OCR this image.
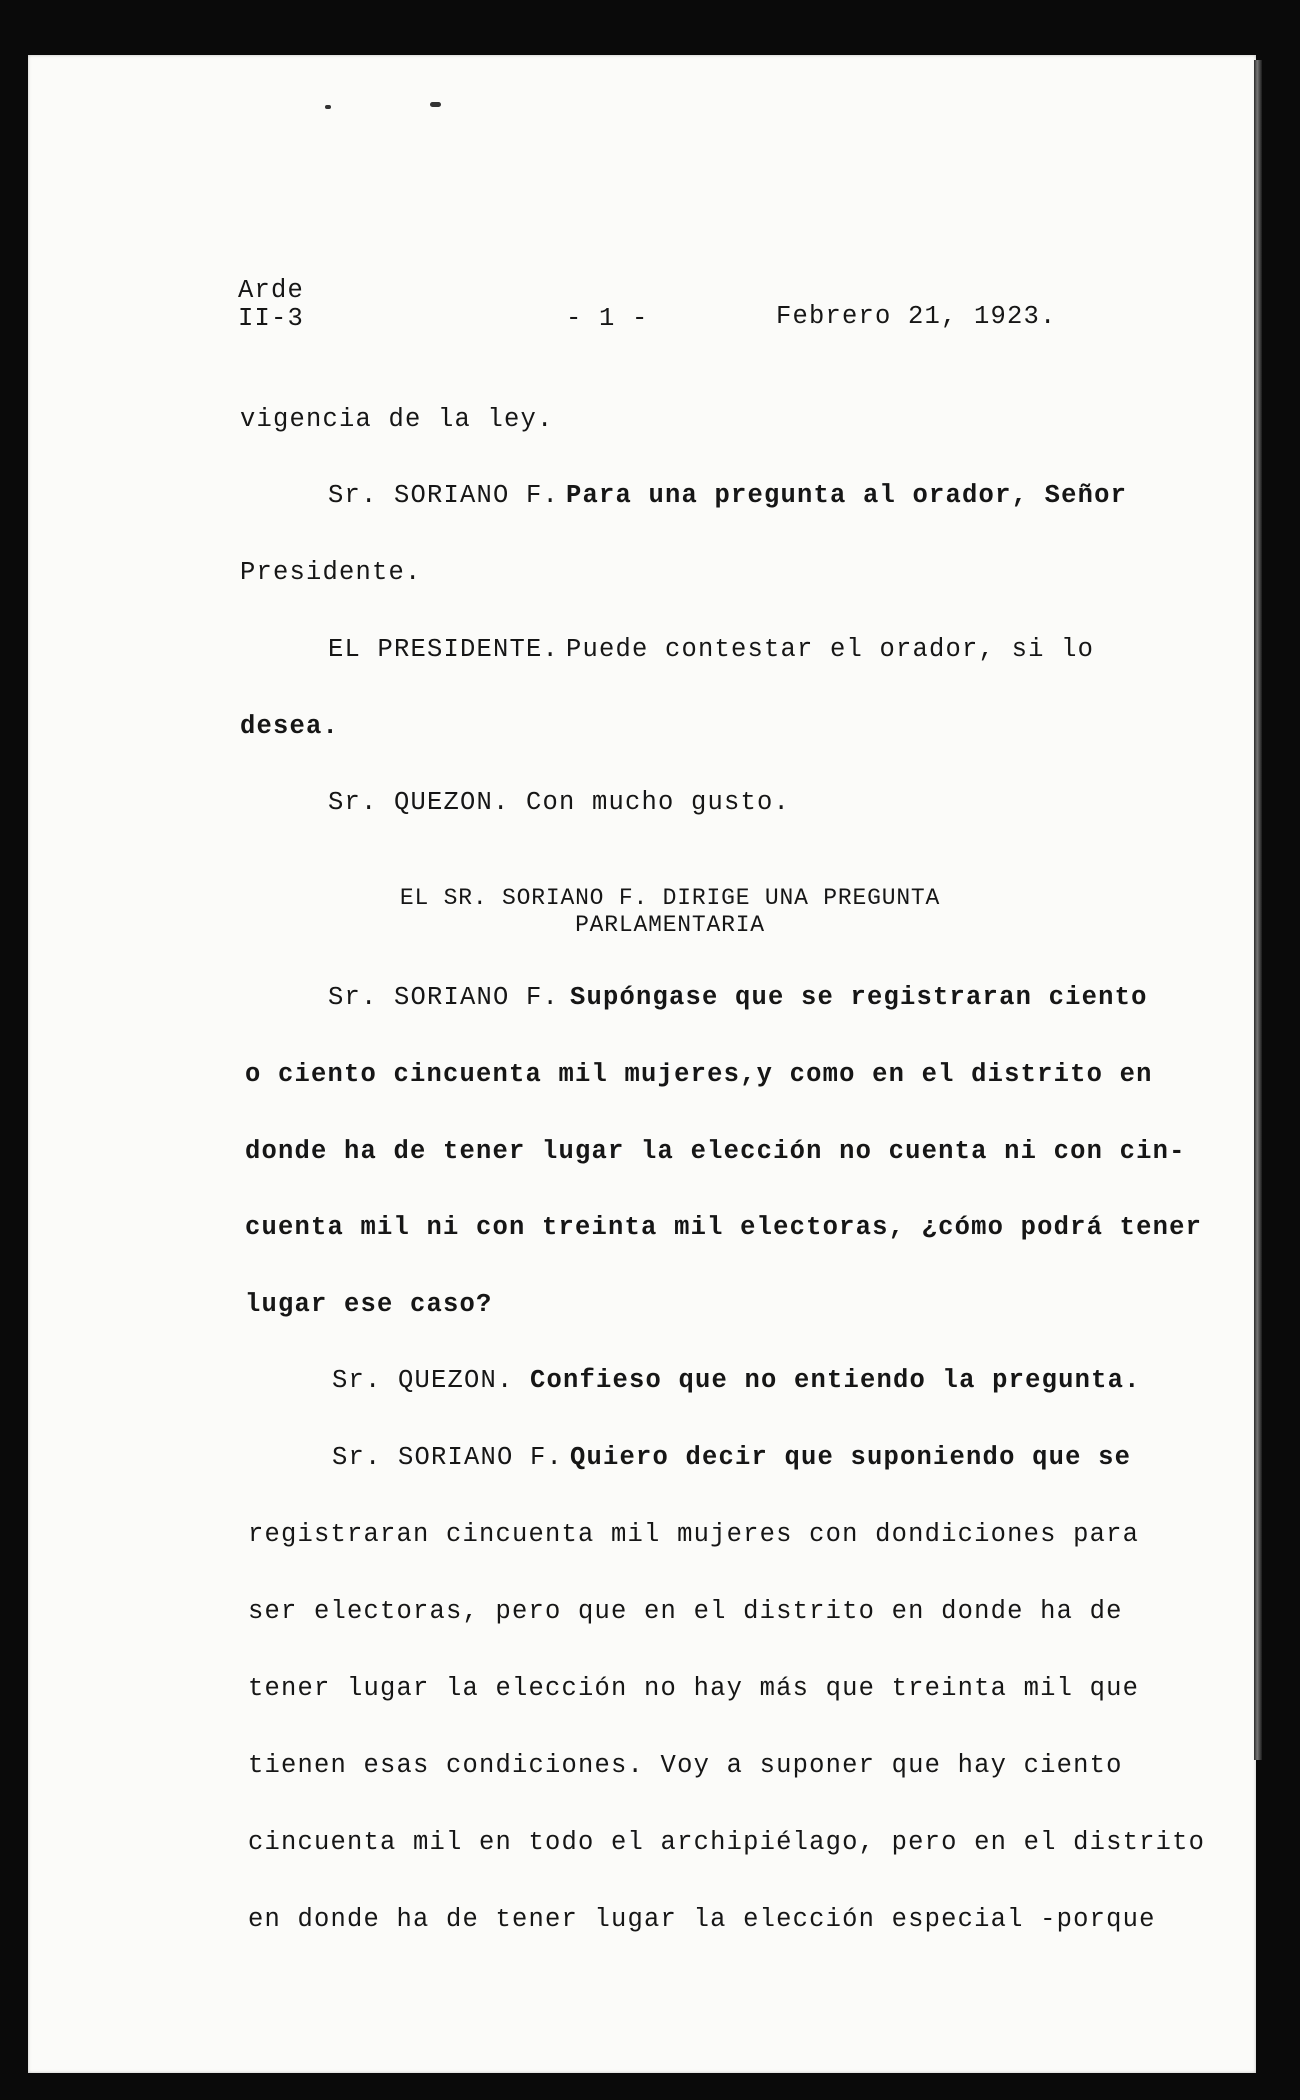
Arde
II-3	- 1 -	Febrero 21, 1923.
vigencia de la ley.
Sr. SORIANO F. Para una pregunta al orador, Señor
Presidente.
EL PRESIDENTE. Puede contestar el orador, si lo
desea.
Sr. QUEZON. Con mucho gusto.
EL SR. SORIANO F. DIRIGE UNA PREGUNTA
PARLAMENTARIA
Sr. SORIANO F. Supóngase que se registraran ciento
o ciento cincuenta mil mujeres,y como en el distrito en
donde ha de tener lugar la elección no cuenta ni con cin-
cuenta mil ni con treinta mil electoras, ¿cómo podrá tener
lugar ese caso?
Sr. QUEZON. Confieso que no entiendo la pregunta.
Sr. SORIANO F. Quiero decir que suponiendo que se
registraran cincuenta mil mujeres con dondiciones para
ser electoras, pero que en el distrito en donde ha de
tener lugar la elección no hay más que treinta mil que
tienen esas condiciones. Voy a suponer que hay ciento
cincuenta mil en todo el archipiélago, pero en el distrito
en donde ha de tener lugar la elección especial -porque
